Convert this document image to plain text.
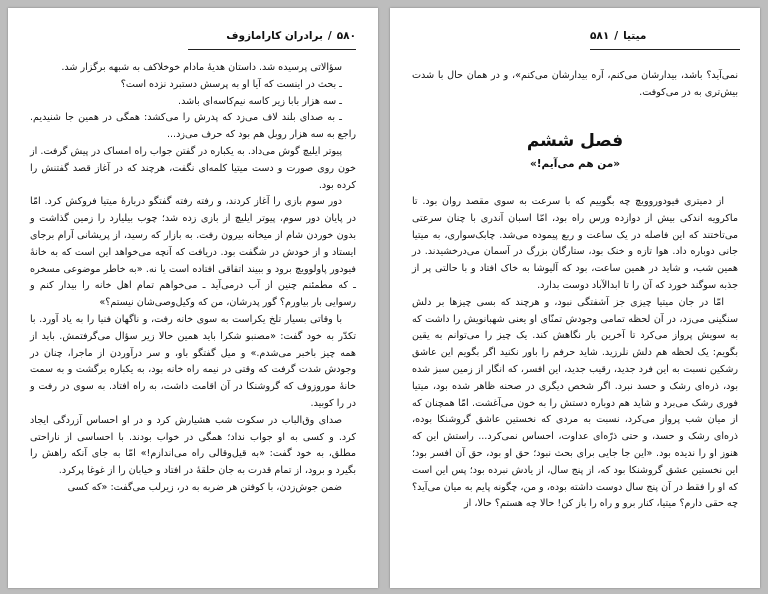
۵۸۰
/
برادران کارامازوف

سؤالاتی پرسیده شد. داستان هدیهٔ مادام خوخلاکف به شبهه برگزار شد.

ـ بحث در اینست که آیا او به پرسش دستبرد نزده است؟

ـ سه هزار بابا زیر کاسه نیم‌کاسه‌ای باشد.

ـ به صدای بلند لاف می‌زد که پدرش را می‌کشد: همگی در همین جا شنیدیم. راجع به سه هزار روبل هم بود که حرف می‌زد...

پیوتر ایلیچ گوش می‌داد. به یکباره در گفتن جواب راه امساک در پیش گرفت. از خون روی صورت و دست میتیا کلمه‌ای نگفت، هرچند که در آغاز قصد گفتنش را کرده بود.

دور سوم بازی را آغاز کردند، و رفته رفته گفتگو دربارهٔ میتیا فروکش کرد. امّا در پایان دور سوم، پیوتر ایلیچ از بازی زده شد؛ چوب بیلیارد را زمین گذاشت و بدون خوردن شام از میخانه بیرون رفت. به بازار که رسید، از پریشانی آرام برجای ایستاد و از خودش در شگفت بود. دریافت که آنچه می‌خواهد این است که به خانهٔ فیودور پاولوویچ برود و ببیند اتفاقی افتاده است یا نه. «به خاطر موضوعی مسخره ـ که مطمئنم چنین از آب درمی‌آید ـ می‌خواهم تمام اهل خانه را بیدار کنم و رسوایی بار بیاورم؟ گور پدرشان، من که وکیل‌وصی‌شان نیستم؟»

با وقاتی بسیار تلخ یکراست به سوی خانه رفت، و ناگهان فنیا را به یاد آورد. با تکدّر به خود گفت: «مصنبو شکرا باید همین حالا زیر سؤال می‌گرفتمش. باید از همه چیز باخبر می‌شدم.» و میل گفتگو باو، و سر درآوردن از ماجرا، چنان در وجودش شدت گرفت که وقتی در نیمه راه خانه بود، به یکباره برگشت و به سمت خانهٔ موروزوف که گروشنکا در آن اقامت داشت، به راه افتاد. به سوی در رفت و در را کوبید.

صدای وق‌الباب در سکوت شب هشیارش کرد و در او احساس آزردگی ایجاد کرد. و کسی به او جواب نداد؛ همگی در خواب بودند. با احساسی از ناراحتی مطلق، به خود گفت: «به قیل‌وقالی راه می‌اندازم!» امّا به جای آنکه راهش را بگیرد و برود، از تمام قدرت به جان حلقهٔ در افتاد و خیابان را از غوغا پرکرد.

ضمن جوش‌زدن، با کوفتن هر ضربه به در، زیرلب می‌گفت: «که کسی

میتیا
/
۵۸۱

نمی‌آید؟ باشد، بیدارشان می‌کنم، آره بیدارشان می‌کنم»، و در همان حال با شدت بیش‌تری به در می‌کوفت.

فصل ششم
«من هم می‌آیم!»

از دمیتری فیودوروویچ چه بگوییم که با سرعت به سوی مقصد روان بود. تا ماکرویه اندکی بیش از دوازده ورس راه بود، امّا اسبان آندری با چنان سرعتی می‌تاختند که این فاصله در یک ساعت و ربع پیموده می‌شد. چابک‌سواری، به میتیا جانی دوباره داد. هوا تازه و خنک بود، ستارگان بزرگ در آسمان می‌درخشیدند. در همین شب، و شاید در همین ساعت، بود که آلیوشا به خاک افتاد و با حالتی پر از جذبه سوگند خورد که آن را تا ابدالآباد دوست بدارد.

امّا در جان میتیا چیزی جز آشفتگی نبود، و هرچند که بسی چیزها بر دلش سنگینی می‌زد، در آن لحظه تمامی وجودش تمنّای او یعنی شهبانویش را داشت که به سویش پرواز می‌کرد تا آخرین بار نگاهش کند. یک چیز را می‌توانم به یقین بگویم: یک لحظه هم دلش نلرزید. شاید حرفم را باور نکنید اگر بگویم این عاشق رشکین نسبت به این فرد جدید، رقیب جدید، این افسر، که انگار از زمین سبز شده بود، ذره‌ای رشک و حسد نبرد. اگر شخص دیگری در صحنه ظاهر شده بود، میتیا فوری رشک می‌برد و شاید هم دوباره دستش را به خون می‌آغشت. امّا همچنان که از میان شب پرواز می‌کرد، نسبت به مردی که نخستین عاشق گروشنکا بوده، ذره‌ای رشک و حسد، و حتی ذرّه‌ای عداوت، احساس نمی‌کرد... راستش این که هنوز او را ندیده بود. «این جا جایی برای بحث نبود؛ حق او بود، حق آن افسر بود؛ این نخستین عشق گروشنکا بود که، از پنج سال، از یادش نبرده بود؛ پس این است که او را فقط در آن پنج سال دوست داشته بوده، و من، چگونه پایم به میان می‌آید؟ چه حقی دارم؟ میتیا، کنار برو و راه را باز کن! حالا چه هستم؟ حالا، از
